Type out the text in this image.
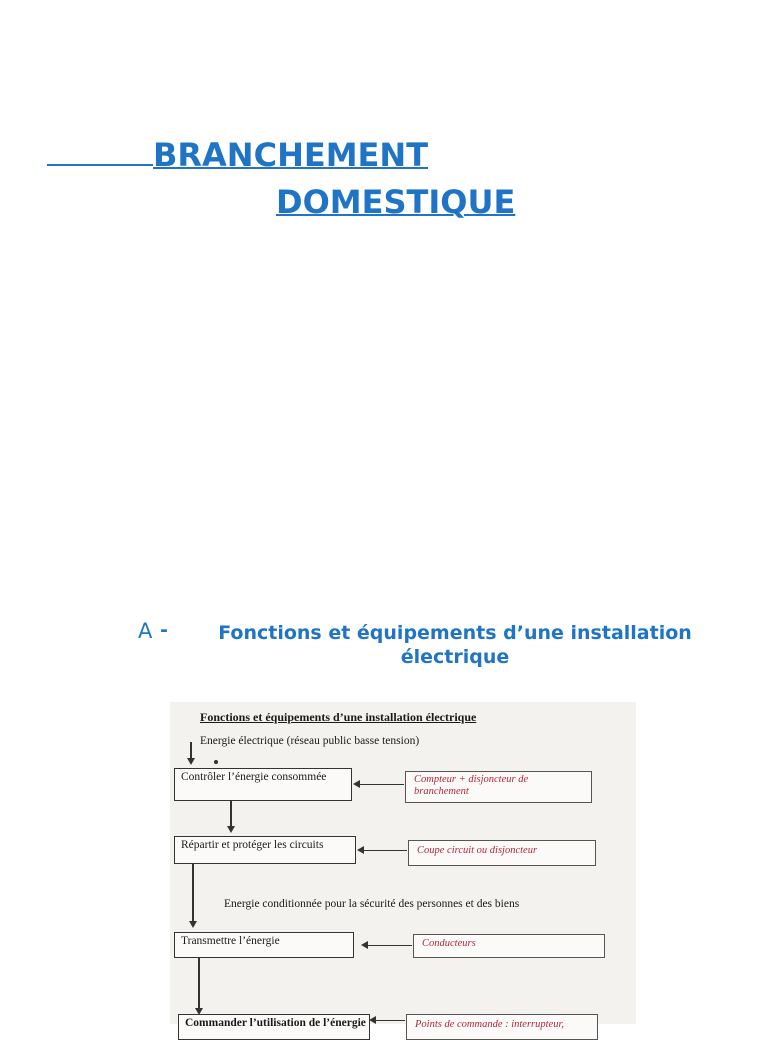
BRANCHEMENT
DOMESTIQUE
A -	Fonctions et équipements d’une installation électrique
Fonctions et équipements d’une installation électrique
Energie électrique (réseau public basse tension)
Contrôler l’énergie consommée	Compteur + disjoncteur de branchement
Répartir et protéger les circuits	Coupe circuit ou disjoncteur
Energie conditionnée pour la sécurité des personnes et des biens
Transmettre l’énergie	Conducteurs
Commander l’utilisation de l’énergie	Points de commande : interrupteur,
